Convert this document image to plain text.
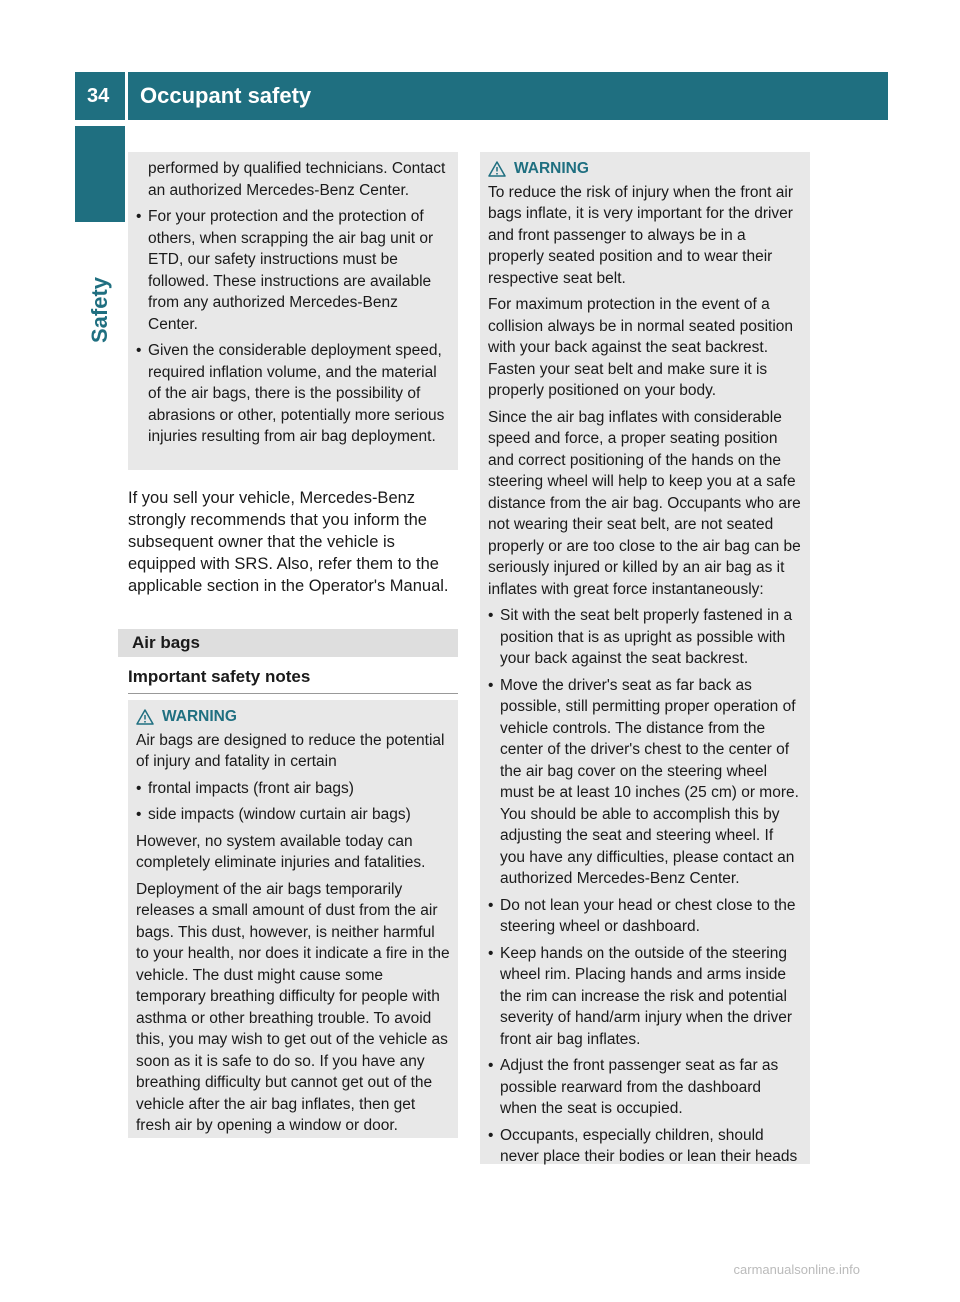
34	Occupant safety
Safety

performed by qualified technicians. Contact an authorized Mercedes-Benz Center.

• For your protection and the protection of others, when scrapping the air bag unit or ETD, our safety instructions must be followed. These instructions are available from any authorized Mercedes-Benz Center.
• Given the considerable deployment speed, required inflation volume, and the material of the air bags, there is the possibility of abrasions or other, potentially more serious injuries resulting from air bag deployment.

If you sell your vehicle, Mercedes-Benz strongly recommends that you inform the subsequent owner that the vehicle is equipped with SRS. Also, refer them to the applicable section in the Operator's Manual.

Air bags
Important safety notes
WARNING

Air bags are designed to reduce the potential of injury and fatality in certain

• frontal impacts (front air bags)
• side impacts (window curtain air bags)

However, no system available today can completely eliminate injuries and fatalities.

Deployment of the air bags temporarily releases a small amount of dust from the air bags. This dust, however, is neither harmful to your health, nor does it indicate a fire in the vehicle. The dust might cause some temporary breathing difficulty for people with asthma or other breathing trouble. To avoid this, you may wish to get out of the vehicle as soon as it is safe to do so. If you have any breathing difficulty but cannot get out of the vehicle after the air bag inflates, then get fresh air by opening a window or door.

WARNING

To reduce the risk of injury when the front air bags inflate, it is very important for the driver and front passenger to always be in a properly seated position and to wear their respective seat belt.

For maximum protection in the event of a collision always be in normal seated position with your back against the seat backrest. Fasten your seat belt and make sure it is properly positioned on your body.

Since the air bag inflates with considerable speed and force, a proper seating position and correct positioning of the hands on the steering wheel will help to keep you at a safe distance from the air bag. Occupants who are not wearing their seat belt, are not seated properly or are too close to the air bag can be seriously injured or killed by an air bag as it inflates with great force instantaneously:

• Sit with the seat belt properly fastened in a position that is as upright as possible with your back against the seat backrest.
• Move the driver's seat as far back as possible, still permitting proper operation of vehicle controls. The distance from the center of the driver's chest to the center of the air bag cover on the steering wheel must be at least 10 inches (25 cm) or more. You should be able to accomplish this by adjusting the seat and steering wheel. If you have any difficulties, please contact an authorized Mercedes-Benz Center.
• Do not lean your head or chest close to the steering wheel or dashboard.
• Keep hands on the outside of the steering wheel rim. Placing hands and arms inside the rim can increase the risk and potential severity of hand/arm injury when the driver front air bag inflates.
• Adjust the front passenger seat as far as possible rearward from the dashboard when the seat is occupied.
• Occupants, especially children, should never place their bodies or lean their heads
carmanualsonline.info
